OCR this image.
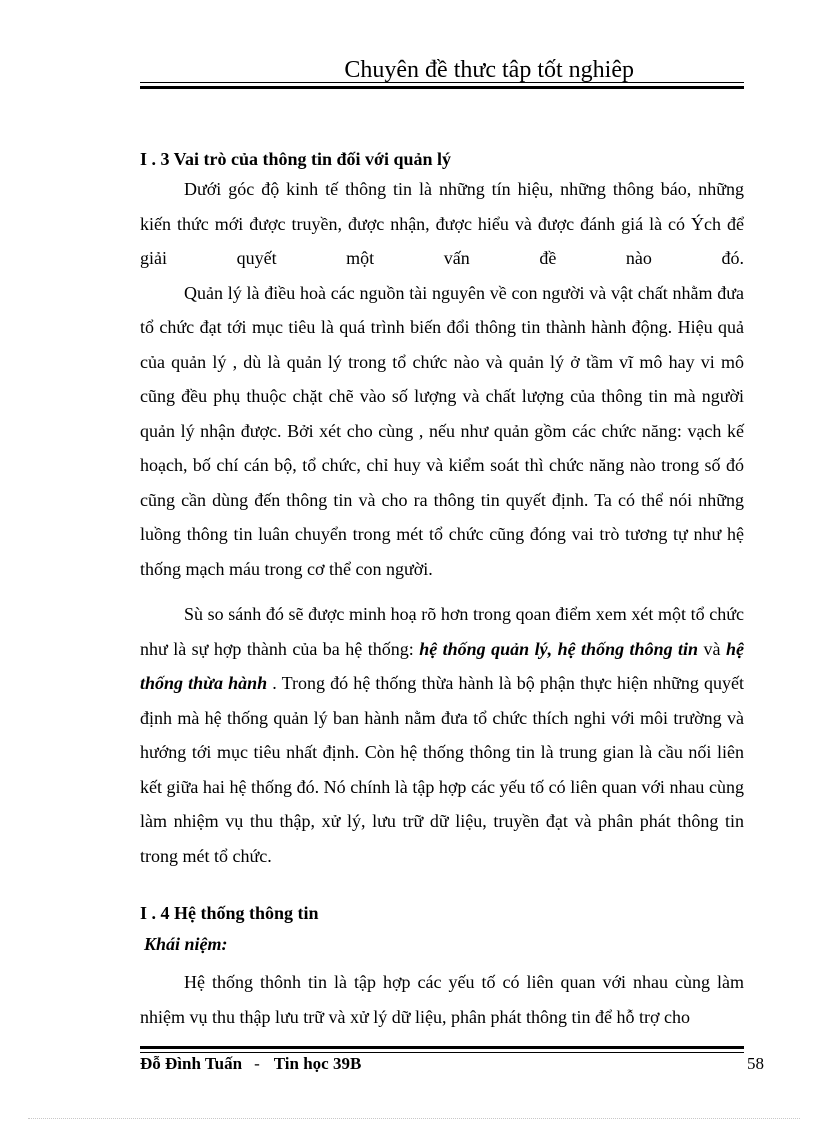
Chuyên đề thưc tâp tốt nghiêp

I . 3 Vai trò của thông tin đối với quản lý

Dưới góc độ kinh tế thông tin là những tín hiệu, những thông báo, những kiến thức mới được truyền, được nhận, được hiểu và được đánh giá là có Ých để giải quyết một vấn đề nào đó.

Quản lý là điều hoà các nguồn tài nguyên về con người và vật chất nhằm đưa tổ chức đạt tới mục tiêu là quá trình biến đổi thông tin thành hành động. Hiệu quả của quản lý , dù là quản lý trong tổ chức nào và quản lý ở tầm vĩ mô hay vi mô cũng đều phụ thuộc chặt chẽ vào số lượng và chất lượng của thông tin mà người quản lý nhận được. Bởi xét cho cùng , nếu như quản gồm các chức năng: vạch kế hoạch, bố chí cán bộ, tổ chức, chỉ huy và kiểm soát thì chức năng nào trong số đó cũng cần dùng đến thông tin và cho ra thông tin quyết định. Ta có thể nói những luồng thông tin luân chuyển trong mét tổ chức cũng đóng vai trò tương tự như hệ thống mạch máu trong cơ thể con người.

Sù so sánh đó sẽ được minh hoạ rõ hơn trong qoan điểm xem xét một tổ chức như là sự hợp thành của ba hệ thống: hệ thống quản lý, hệ thống thông tin và hệ thống thừa hành . Trong đó hệ thống thừa hành là bộ phận thực hiện những quyết định mà hệ thống quản lý ban hành nằm đưa tổ chức thích nghi với môi trường và hướng tới mục tiêu nhất định. Còn hệ thống thông tin là trung gian là cầu nối liên kết giữa hai hệ thống đó. Nó chính là tập hợp các yếu tố có liên quan với nhau cùng làm nhiệm vụ thu thập, xử lý, lưu trữ dữ liệu, truyền đạt và phân phát thông tin trong mét tổ chức.

I . 4 Hệ thống thông tin

Khái niệm:

Hệ thống thônh tin là tập hợp các yếu tố có liên quan với nhau cùng làm nhiệm vụ thu thập lưu trữ và xử lý dữ liệu, phân phát thông tin để hỗ trợ cho

Đỗ Đình Tuấn - Tin học 39B	58
